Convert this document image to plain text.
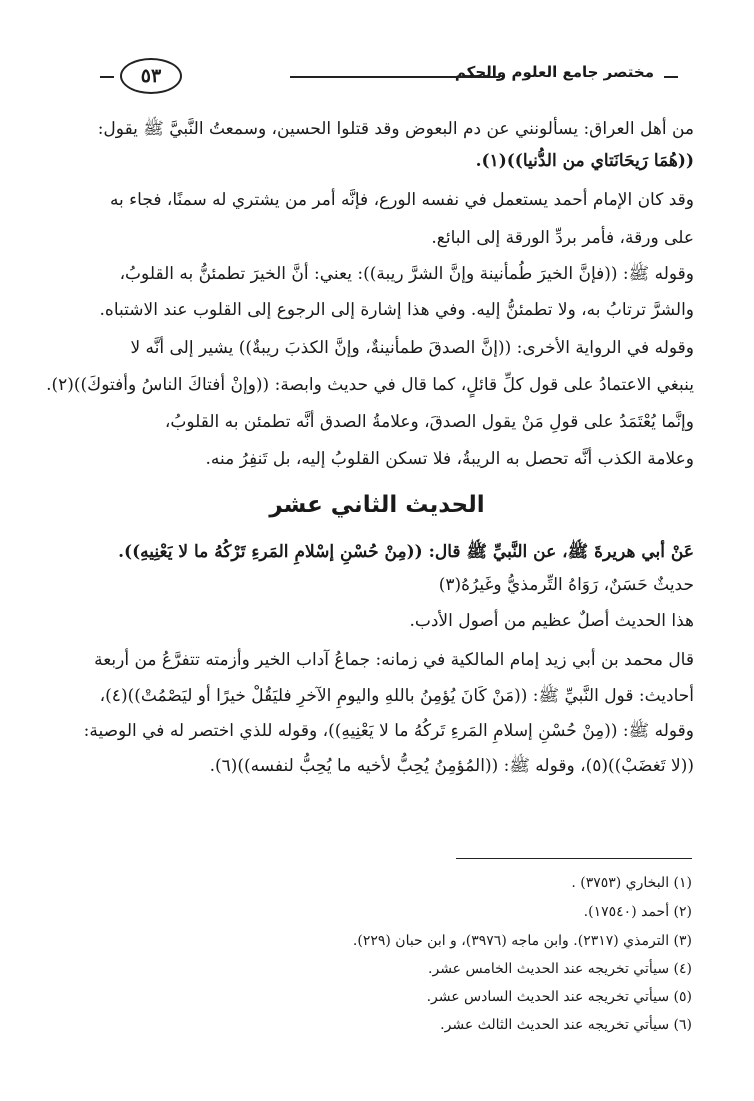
مختصر جامع العلوم والحكم
٥٣
من أهل العراق: يسألونني عن دم البعوض وقد قتلوا الحسين، وسمعتُ النَّبيَّ ﷺ يقول:
((هُمَا رَيحَانَتاي من الدُّنيا))(١).
وقد كان الإمام أحمد يستعمل في نفسه الورع، فإنَّه أمر من يشتري له سمنًا، فجاء به
على ورقة، فأمر بردِّ الورقة إلى البائع.
وقوله ﷺ: ((فإنَّ الخيرَ طُمأنينة وإنَّ الشرَّ ريبة)): يعني: أنَّ الخيرَ تطمئنُّ به القلوبُ،
والشرَّ ترتابُ به، ولا تطمئنُّ إليه. وفي هذا إشارة إلى الرجوع إلى القلوب عند الاشتباه.
وقوله في الرواية الأخرى: ((إنَّ الصدقَ طمأنينةٌ، وإنَّ الكذبَ ريبةٌ)) يشير إلى أنَّه لا
ينبغي الاعتمادُ على قول كلِّ قائلٍ، كما قال في حديث وابصة: ((وإنْ أفتاكَ الناسُ وأفتوكَ))(٢).
وإنَّما يُعْتَمَدُ على قولِ مَنْ يقول الصدقَ، وعلامةُ الصدق أنَّه تطمئن به القلوبُ،
وعلامة الكذب أنَّه تحصل به الريبةُ، فلا تسكن القلوبُ إليه، بل تَنفِرُ منه.
الحديث الثاني عشر
عَنْ أبي هريرةَ ﷺ، عن النَّبيِّ ﷺ قال: ((مِنْ حُسْنِ إسْلامِ المَرءِ تَرْكُهُ ما لا يَعْنِيهِ)).
حديثٌ حَسَنٌ، رَوَاهُ التِّرمذيُّ وغَيرُهُ(٣)
هذا الحديث أصلٌ عظيم من أصول الأدب.
قال محمد بن أبي زيد إمام المالكية في زمانه: جماعُ آداب الخير وأزمته تتفرَّعُ من أربعة
أحاديث: قول النَّبيِّ ﷺ: ((مَنْ كَانَ يُؤمِنُ باللهِ واليومِ الآخرِ فليَقُلْ خيرًا أو ليَصْمُتْ))(٤)،
وقوله ﷺ: ((مِنْ حُسْنِ إسلامِ المَرءِ تَركُهُ ما لا يَعْنِيهِ))، وقوله للذي اختصر له في الوصية:
((لا تَغضَبْ))(٥)، وقوله ﷺ: ((المُؤمِنُ يُحِبُّ لأخيه ما يُحِبُّ لنفسه))(٦).
(١) البخاري (٣٧٥٣) .
(٢) أحمد (١٧٥٤٠).
(٣) الترمذي (٢٣١٧). وابن ماجه (٣٩٧٦)، و ابن حبان (٢٢٩).
(٤) سيأتي تخريجه عند الحديث الخامس عشر.
(٥) سيأتي تخريجه عند الحديث السادس عشر.
(٦) سيأتي تخريجه عند الحديث الثالث عشر.
